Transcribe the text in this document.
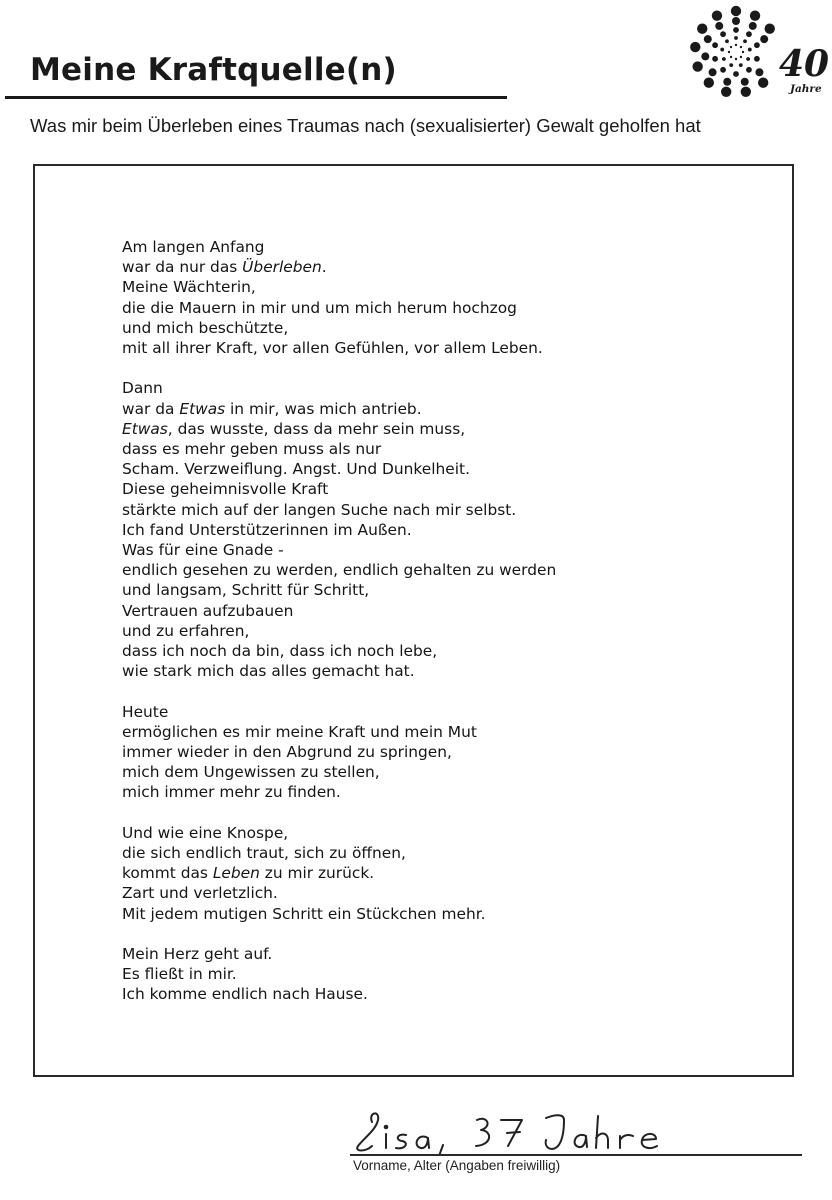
Meine Kraftquelle(n)
Was mir beim Überleben eines Traumas nach (sexualisierter) Gewalt geholfen hat
40
Jahre
Am langen Anfang
war da nur das Überleben.
Meine Wächterin,
die die Mauern in mir und um mich herum hochzog
und mich beschützte,
mit all ihrer Kraft, vor allen Gefühlen, vor allem Leben.
Dann
war da Etwas in mir, was mich antrieb.
Etwas, das wusste, dass da mehr sein muss,
dass es mehr geben muss als nur
Scham. Verzweiflung. Angst. Und Dunkelheit.
Diese geheimnisvolle Kraft
stärkte mich auf der langen Suche nach mir selbst.
Ich fand Unterstützerinnen im Außen.
Was für eine Gnade -
endlich gesehen zu werden, endlich gehalten zu werden
und langsam, Schritt für Schritt,
Vertrauen aufzubauen
und zu erfahren,
dass ich noch da bin, dass ich noch lebe,
wie stark mich das alles gemacht hat.
Heute
ermöglichen es mir meine Kraft und mein Mut
immer wieder in den Abgrund zu springen,
mich dem Ungewissen zu stellen,
mich immer mehr zu finden.
Und wie eine Knospe,
die sich endlich traut, sich zu öffnen,
kommt das Leben zu mir zurück.
Zart und verletzlich.
Mit jedem mutigen Schritt ein Stückchen mehr.
Mein Herz geht auf.
Es fließt in mir.
Ich komme endlich nach Hause.
Vorname, Alter (Angaben freiwillig)
